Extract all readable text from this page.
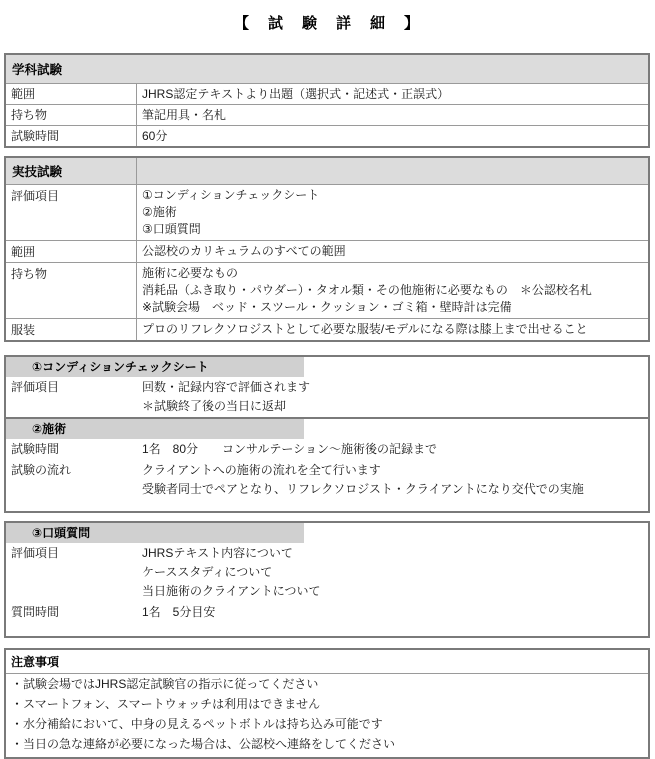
【　試　験　詳　細　】
学科試験
範囲	JHRS認定テキストより出題（選択式・記述式・正誤式）
持ち物	筆記用具・名札
試験時間	60分
実技試験
評価項目	①コンディションチェックシート
②施術
③口頭質問
範囲	公認校のカリキュラムのすべての範囲
持ち物	施術に必要なもの
消耗品（ふき取り・パウダー）・タオル類・その他施術に必要なもの　＊公認校名札
※試験会場　ベッド・スツール・クッション・ゴミ箱・壁時計は完備
服装	プロのリフレクソロジストとして必要な服装/モデルになる際は膝上まで出せること
①コンディションチェックシート
評価項目	回数・記録内容で評価されます
＊試験終了後の当日に返却
②施術
試験時間	1名　80分　　コンサルテーション～施術後の記録まで
試験の流れ	クライアントへの施術の流れを全て行います
受験者同士でペアとなり、リフレクソロジスト・クライアントになり交代での実施
③口頭質問
評価項目	JHRSテキスト内容について
ケーススタディについて
当日施術のクライアントについて
質問時間	1名　5分目安
注意事項
・試験会場ではJHRS認定試験官の指示に従ってください
・スマートフォン、スマートウォッチは利用はできません
・水分補給において、中身の見えるペットボトルは持ち込み可能です
・当日の急な連絡が必要になった場合は、公認校へ連絡をしてください
